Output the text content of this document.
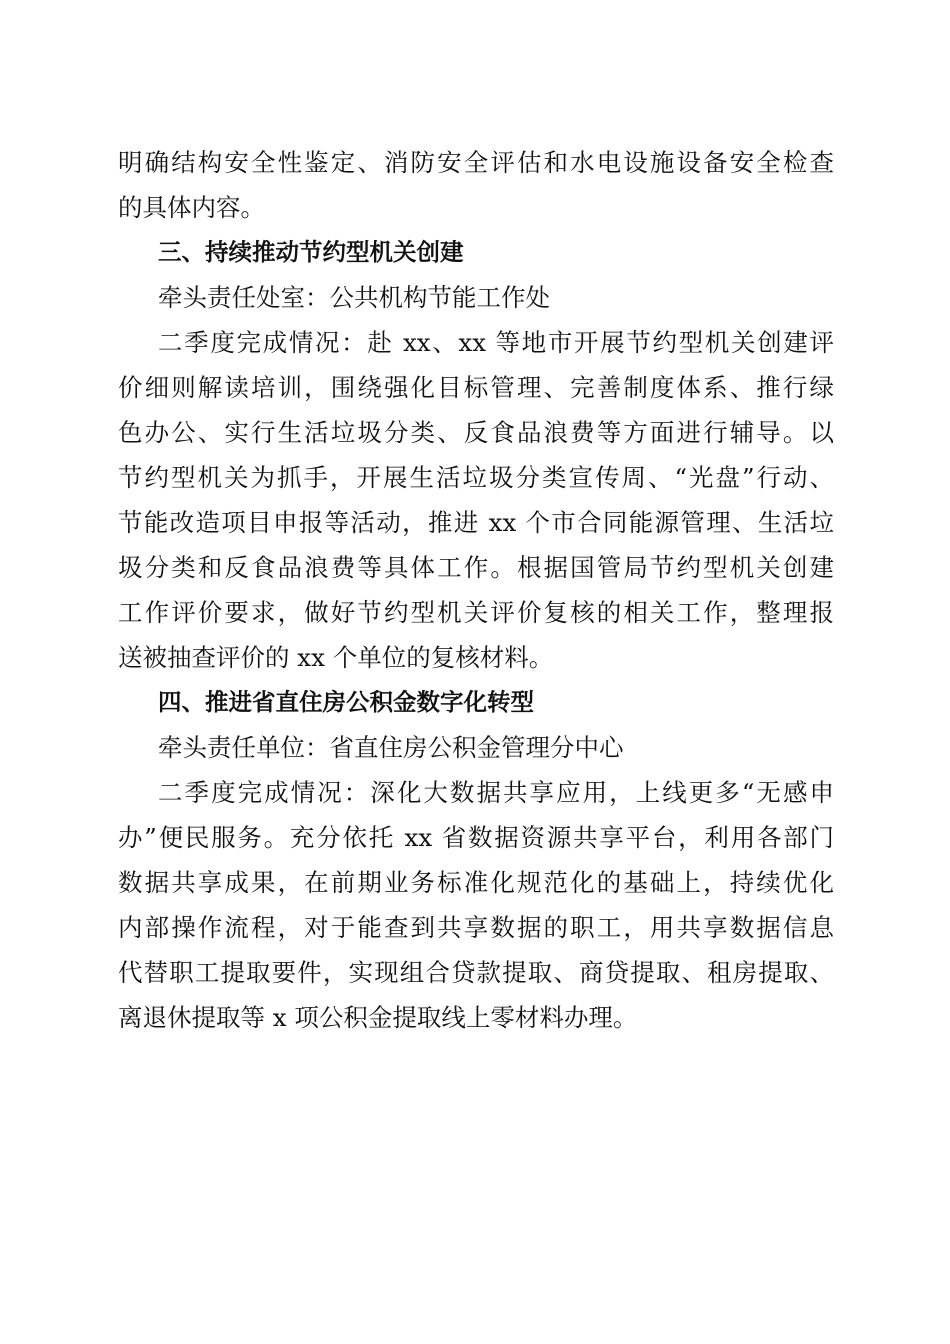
明确结构安全性鉴定、消防安全评估和水电设施设备安全检查
的具体内容。
三、持续推动节约型机关创建
牵头责任处室：公共机构节能工作处
二季度完成情况：赴 xx、xx 等地市开展节约型机关创建评
价细则解读培训，围绕强化目标管理、完善制度体系、推行绿
色办公、实行生活垃圾分类、反食品浪费等方面进行辅导。以
节约型机关为抓手，开展生活垃圾分类宣传周、“光盘”行动、
节能改造项目申报等活动，推进 xx 个市合同能源管理、生活垃
圾分类和反食品浪费等具体工作。根据国管局节约型机关创建
工作评价要求，做好节约型机关评价复核的相关工作，整理报
送被抽查评价的 xx 个单位的复核材料。
四、推进省直住房公积金数字化转型
牵头责任单位：省直住房公积金管理分中心
二季度完成情况：深化大数据共享应用，上线更多“无感申
办”便民服务。充分依托 xx 省数据资源共享平台，利用各部门
数据共享成果，在前期业务标准化规范化的基础上，持续优化
内部操作流程，对于能查到共享数据的职工，用共享数据信息
代替职工提取要件，实现组合贷款提取、商贷提取、租房提取、
离退休提取等 x 项公积金提取线上零材料办理。
